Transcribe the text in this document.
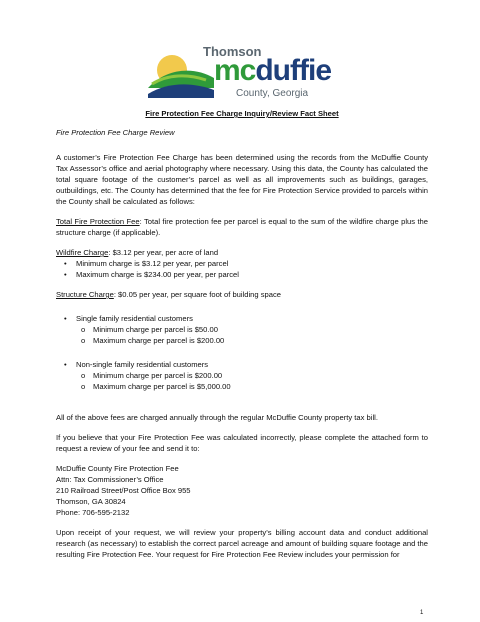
Thomson
mcduffie
County, Georgia

Fire Protection Fee Charge Inquiry/Review Fact Sheet

Fire Protection Fee Charge Review

A customer’s Fire Protection Fee Charge has been determined using the records from the McDuffie County Tax Assessor’s office and aerial photography where necessary. Using this data, the County has calculated the total square footage of the customer’s parcel as well as all improvements such as buildings, garages, outbuildings, etc. The County has determined that the fee for Fire Protection Service provided to parcels within the County shall be calculated as follows:

Total Fire Protection Fee: Total fire protection fee per parcel is equal to the sum of the wildfire charge plus the structure charge (if applicable).

Wildfire Charge: $3.12 per year, per acre of land

• Minimum charge is $3.12 per year, per parcel
• Maximum charge is $234.00 per year, per parcel

Structure Charge: $0.05 per year, per square foot of building space

• Single family residential customers
o Minimum charge per parcel is $50.00
o Maximum charge per parcel is $200.00
• Non-single family residential customers
o Minimum charge per parcel is $200.00
o Maximum charge per parcel is $5,000.00

All of the above fees are charged annually through the regular McDuffie County property tax bill.

If you believe that your Fire Protection Fee was calculated incorrectly, please complete the attached form to request a review of your fee and send it to:

McDuffie County Fire Protection Fee

Attn: Tax Commissioner’s Office

210 Railroad Street/Post Office Box 955

Thomson, GA 30824

Phone: 706-595-2132

Upon receipt of your request, we will review your property’s billing account data and conduct additional research (as necessary) to establish the correct parcel acreage and amount of building square footage and the resulting Fire Protection Fee. Your request for Fire Protection Fee Review includes your permission for

1
